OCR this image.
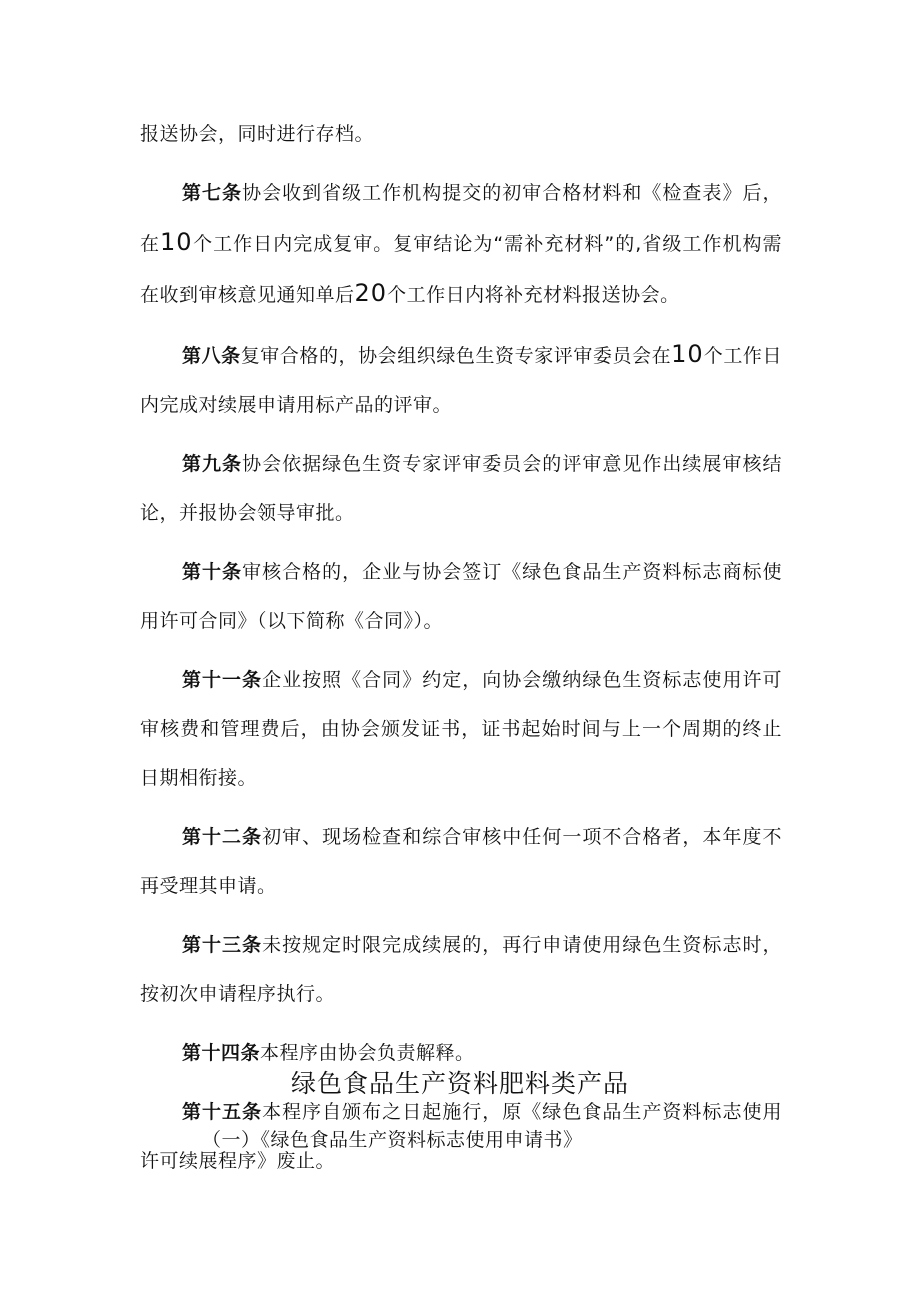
报送协会，同时进行存档。

第七条协会收到省级工作机构提交的初审合格材料和《检查表》后，在10个工作日内完成复审。复审结论为“需补充材料”的,省级工作机构需在收到审核意见通知单后20个工作日内将补充材料报送协会。

第八条复审合格的，协会组织绿色生资专家评审委员会在10个工作日内完成对续展申请用标产品的评审。

第九条协会依据绿色生资专家评审委员会的评审意见作出续展审核结论，并报协会领导审批。

第十条审核合格的，企业与协会签订《绿色食品生产资料标志商标使用许可合同》（以下简称《合同》）。

第十一条企业按照《合同》约定，向协会缴纳绿色生资标志使用许可审核费和管理费后，由协会颁发证书，证书起始时间与上一个周期的终止日期相衔接。

第十二条初审、现场检查和综合审核中任何一项不合格者，本年度不再受理其申请。

第十三条未按规定时限完成续展的，再行申请使用绿色生资标志时，按初次申请程序执行。

第十四条本程序由协会负责解释。

第十五条本程序自颁布之日起施行，原《绿色食品生产资料标志使用许可续展程序》废止。

绿色食品生产资料肥料类产品

（一）《绿色食品生产资料标志使用申请书》
